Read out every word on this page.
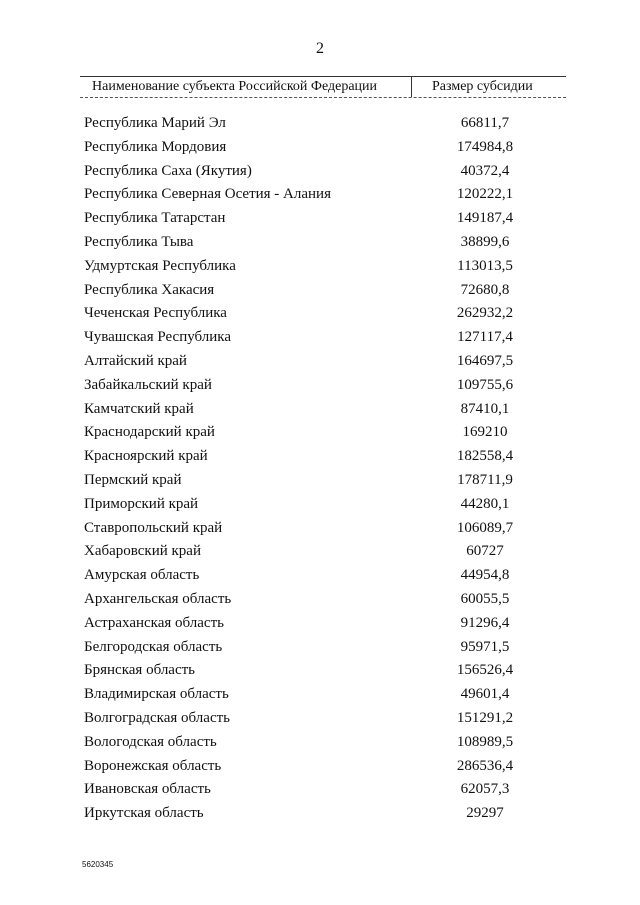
2
Наименование субъекта Российской Федерации	Размер субсидии
Республика Марий Эл	66811,7
Республика Мордовия	174984,8
Республика Саха (Якутия)	40372,4
Республика Северная Осетия - Алания	120222,1
Республика Татарстан	149187,4
Республика Тыва	38899,6
Удмуртская Республика	113013,5
Республика Хакасия	72680,8
Чеченская Республика	262932,2
Чувашская Республика	127117,4
Алтайский край	164697,5
Забайкальский край	109755,6
Камчатский край	87410,1
Краснодарский край	169210
Красноярский край	182558,4
Пермский край	178711,9
Приморский край	44280,1
Ставропольский край	106089,7
Хабаровский край	60727
Амурская область	44954,8
Архангельская область	60055,5
Астраханская область	91296,4
Белгородская область	95971,5
Брянская область	156526,4
Владимирская область	49601,4
Волгоградская область	151291,2
Вологодская область	108989,5
Воронежская область	286536,4
Ивановская область	62057,3
Иркутская область	29297
5620345
